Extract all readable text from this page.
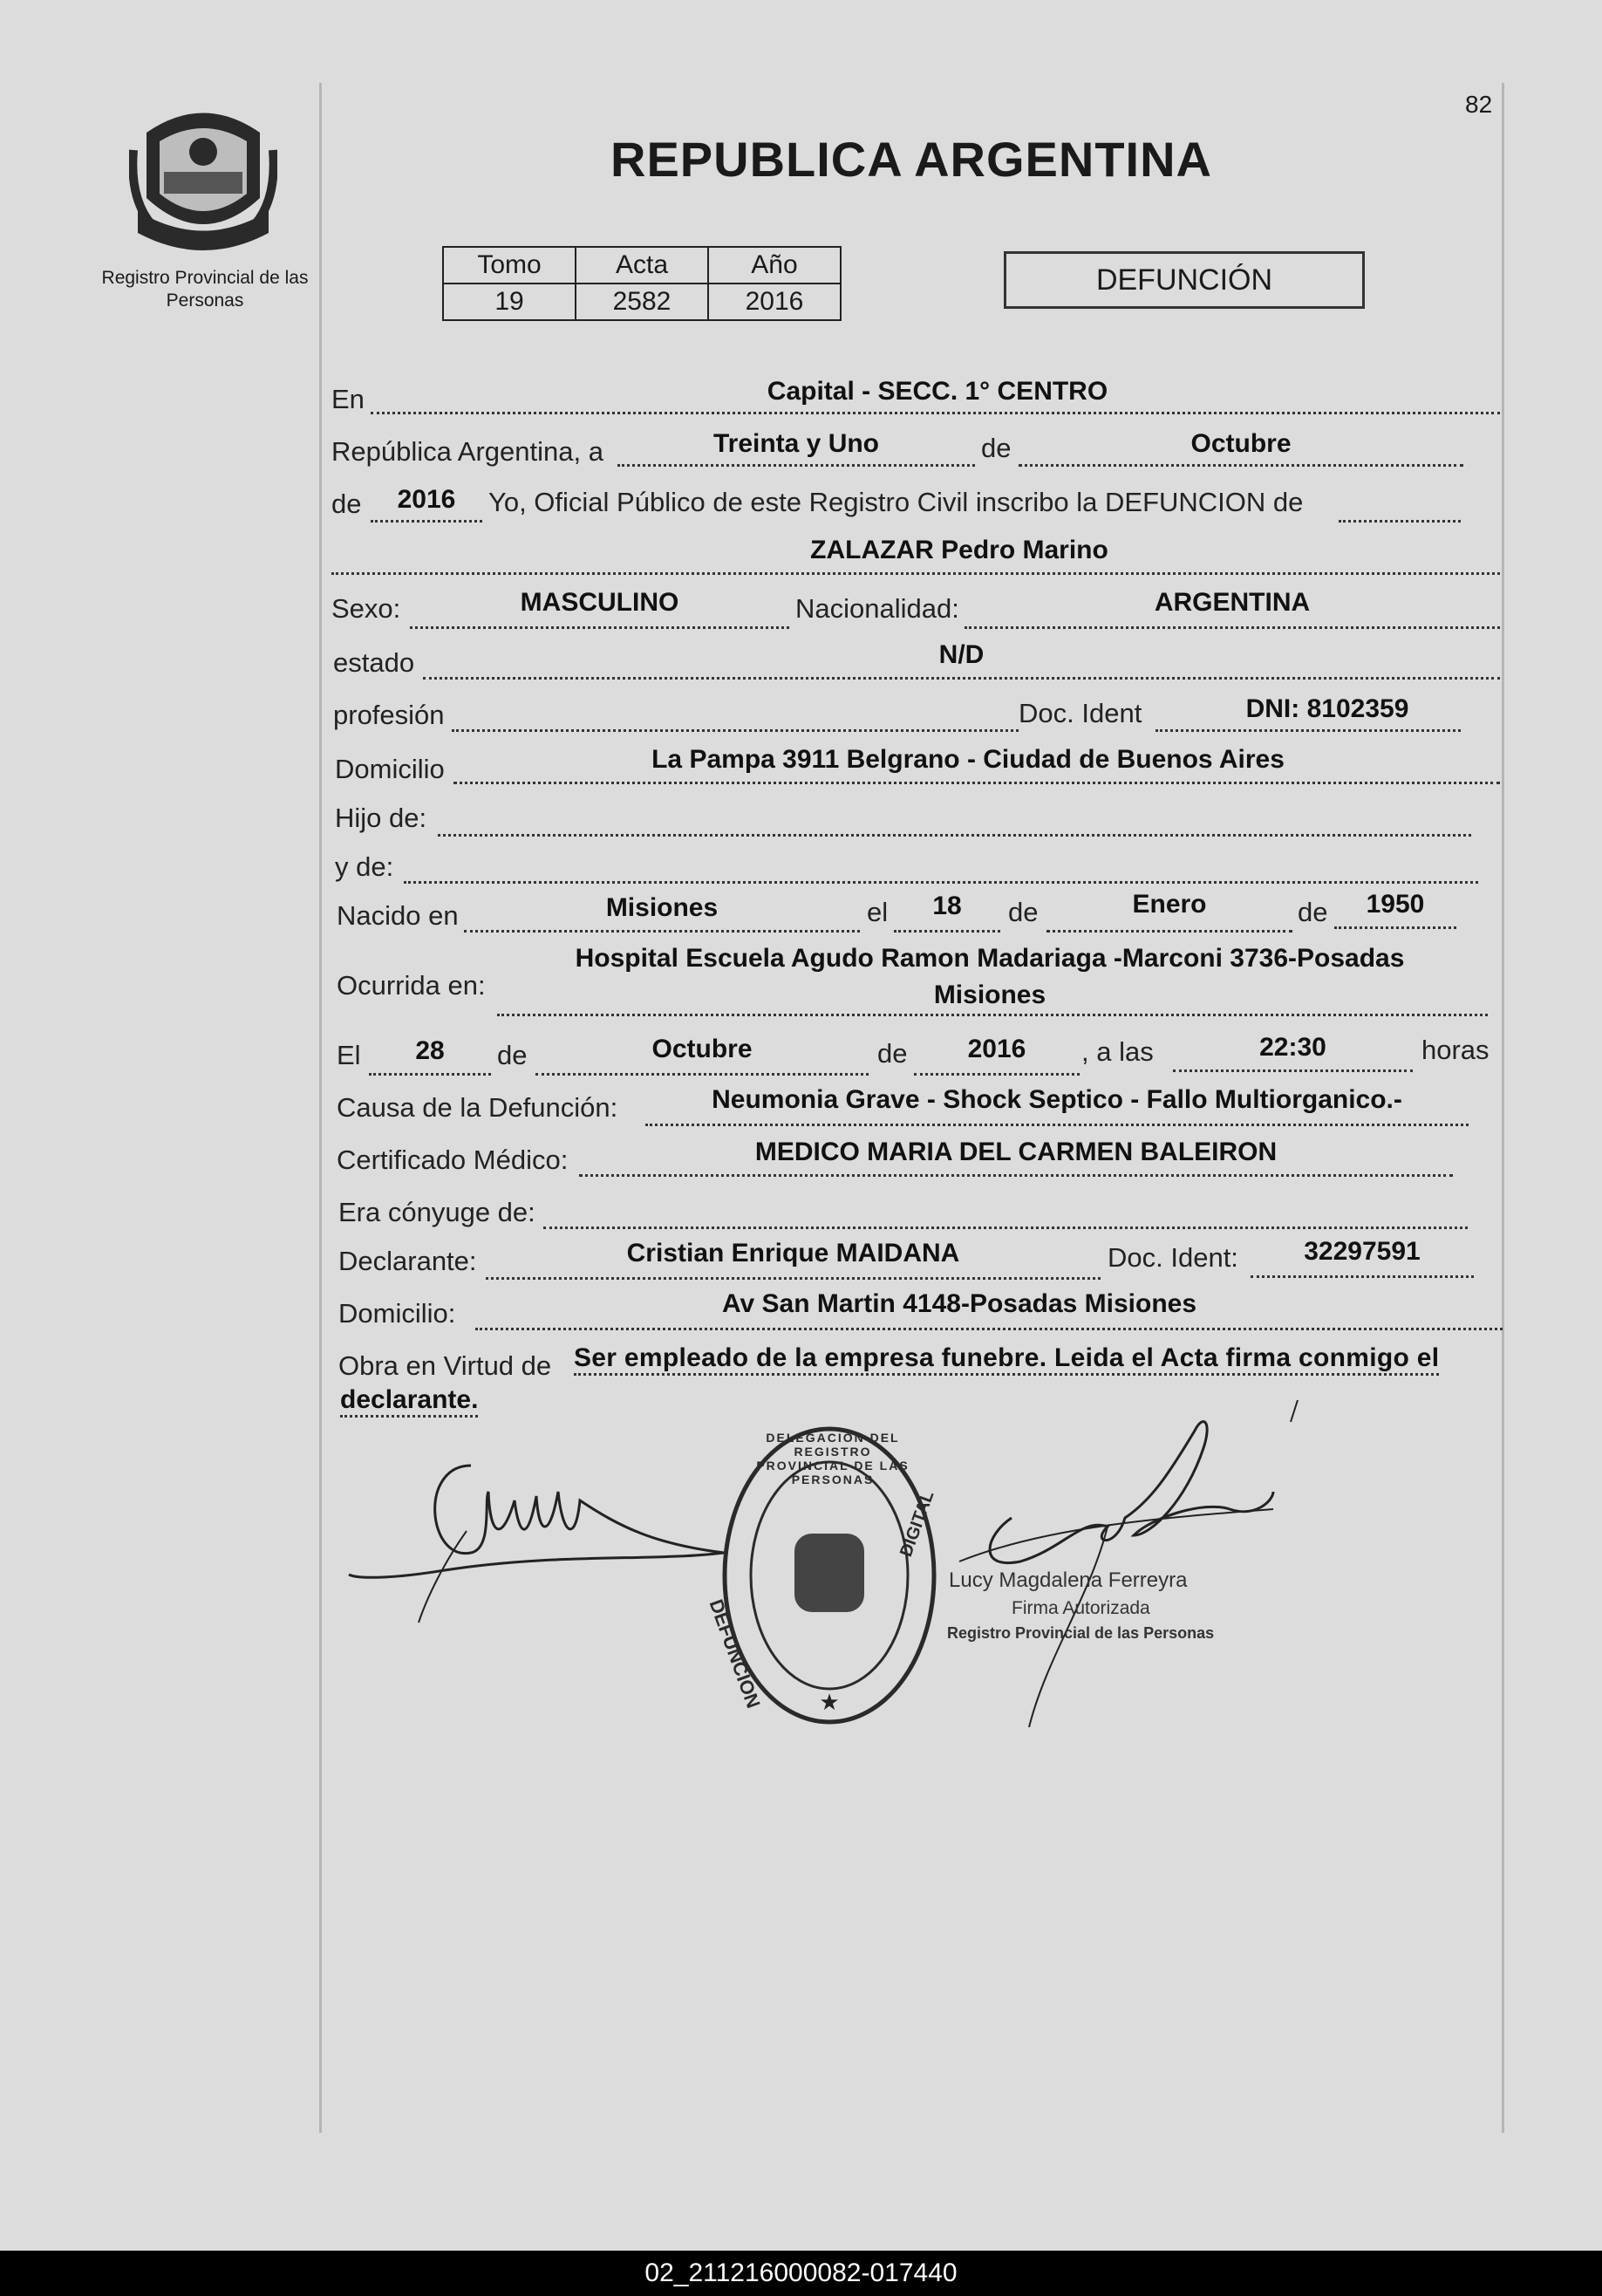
82
Registro Provincial de las Personas
REPUBLICA ARGENTINA
Tomo	Acta	Año
19	2582	2016
DEFUNCIÓN
En	Capital - SECC. 1° CENTRO
República Argentina, a	Treinta y Uno	de	Octubre
de	2016	Yo, Oficial Público de este Registro Civil inscribo la DEFUNCION de
ZALAZAR Pedro Marino
Sexo:	MASCULINO	Nacionalidad:	ARGENTINA
estado	N/D
profesión	Doc. Ident	DNI: 8102359
Domicilio	La Pampa 3911 Belgrano - Ciudad de Buenos Aires
Hijo de:
y de:
Nacido en	Misiones	el	18	de	Enero	de	1950
Ocurrida en:
Hospital Escuela Agudo Ramon Madariaga -Marconi 3736-Posadas
Misiones
El	28	de	Octubre	de	2016	, a las	22:30	horas
Causa de la Defunción:	Neumonia Grave - Shock Septico - Fallo Multiorganico.-
Certificado Médico:	MEDICO MARIA DEL CARMEN BALEIRON
Era cónyuge de:
Declarante:	Cristian Enrique MAIDANA	Doc. Ident:	32297591
Domicilio:	Av San Martin 4148-Posadas Misiones
Obra en Virtud de Ser empleado de la empresa funebre. Leida el Acta firma conmigo el
declarante.
★
DELEGACION DEL REGISTRO PROVINCIAL DE LAS PERSONAS
DEFUNCION
DIGITAL
Lucy Magdalena Ferreyra
Firma Autorizada
Registro Provincial de las Personas
02_211216000082-017440
